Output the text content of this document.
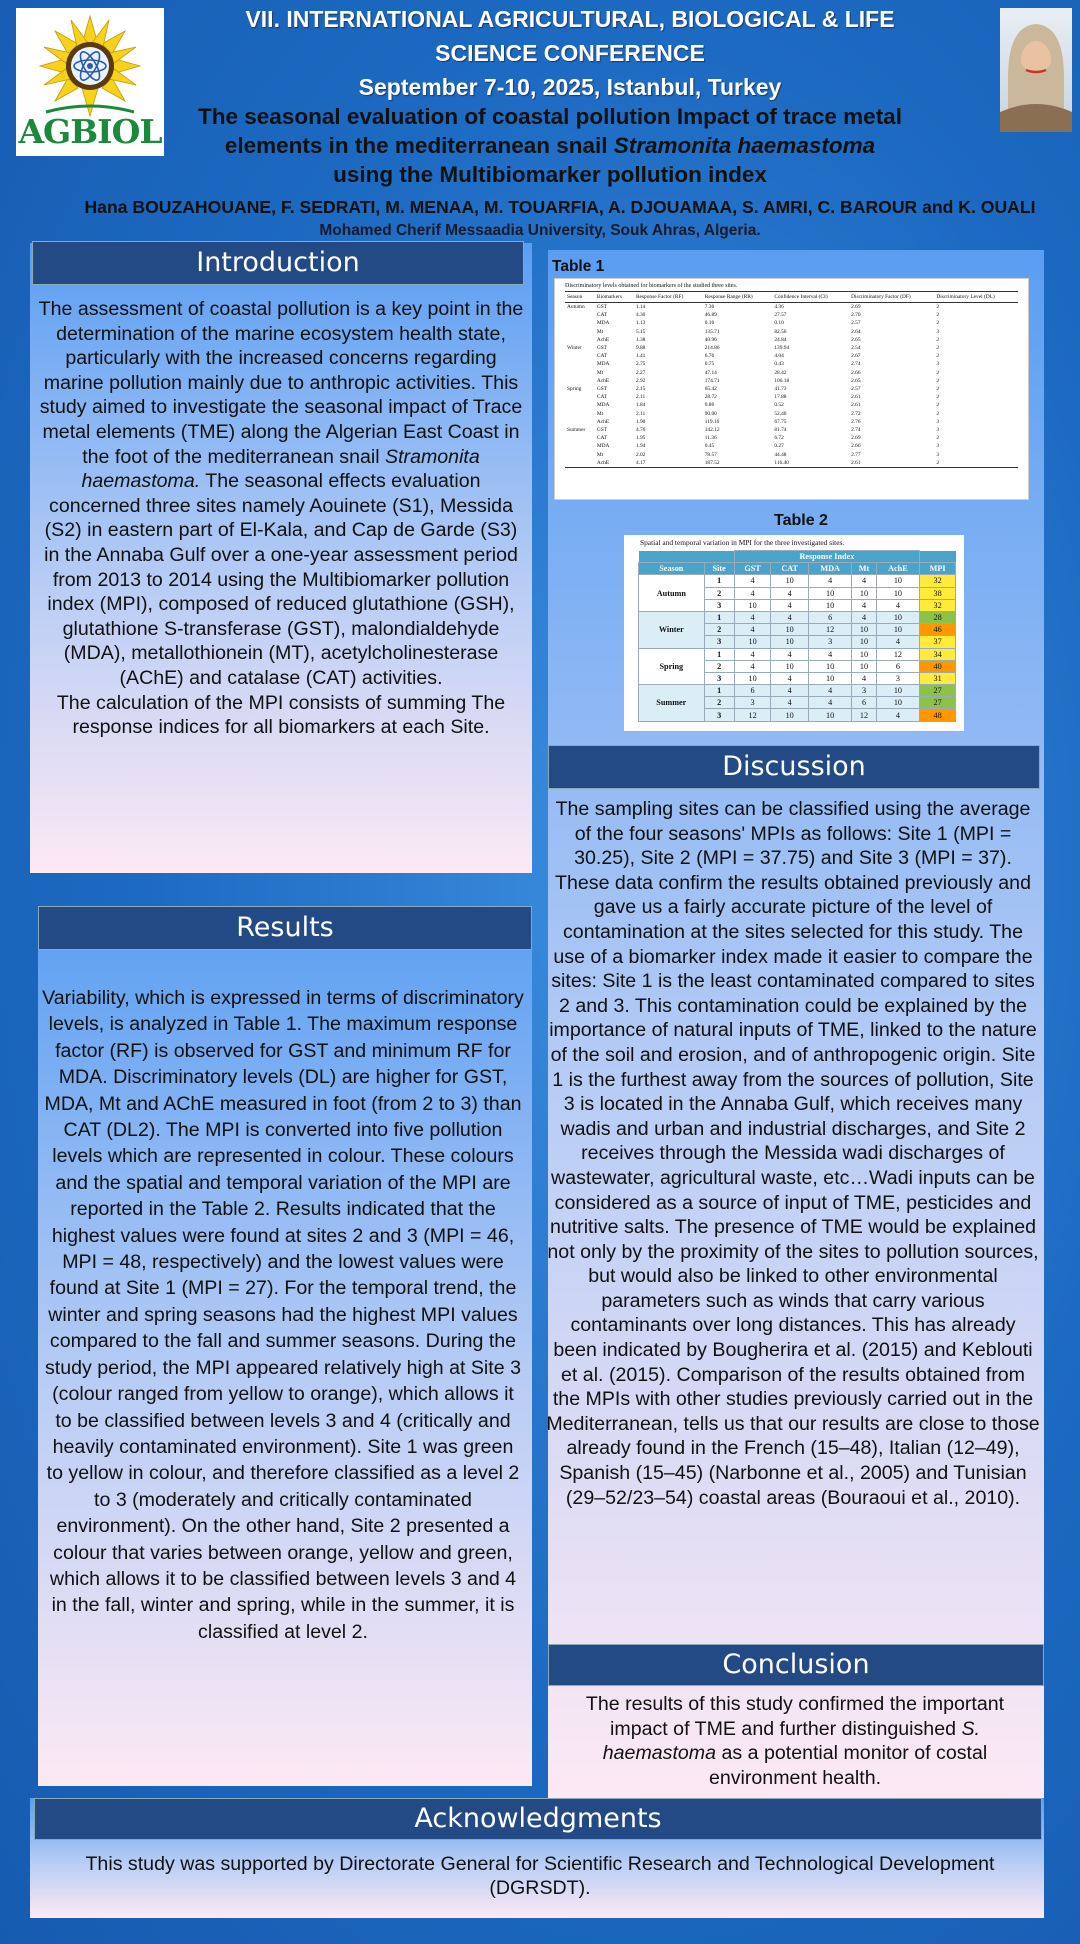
AGBIOL
VII. INTERNATIONAL AGRICULTURAL, BIOLOGICAL & LIFE
SCIENCE CONFERENCE
September 7-10, 2025, Istanbul, Turkey
The seasonal evaluation of coastal pollution Impact of trace metal
elements in the mediterranean snail Stramonita haemastoma
using the Multibiomarker pollution index
Hana BOUZAHOUANE, F. SEDRATI, M. MENAA, M. TOUARFIA, A. DJOUAMAA, S. AMRI, C. BAROUR and K. OUALI
Mohamed Cherif Messaadia University, Souk Ahras, Algeria.
Introduction
The assessment of coastal pollution is a key point in the determination of the marine ecosystem health state, particularly with the increased concerns regarding marine pollution mainly due to anthropic activities. This study aimed to investigate the seasonal impact of Trace metal elements (TME) along the Algerian East Coast in the foot of the mediterranean snail Stramonita haemastoma. The seasonal effects evaluation concerned three sites namely Aouinete (S1), Messida (S2) in eastern part of El-Kala, and Cap de Garde (S3) in the Annaba Gulf over a one-year assessment period from 2013 to 2014 using the Multibiomarker pollution index (MPI), composed of reduced glutathione (GSH), glutathione S-transferase (GST), malondialdehyde (MDA), metallothionein (MT), acetylcholinesterase (AChE) and catalase (CAT) activities.
The calculation of the MPI consists of summing The response indices for all biomarkers at each Site.
Results
Variability, which is expressed in terms of discriminatory levels, is analyzed in Table 1. The maximum response factor (RF) is observed for GST and minimum RF for MDA. Discriminatory levels (DL) are higher for GST, MDA, Mt and AChE measured in foot (from 2 to 3) than CAT (DL2). The MPI is converted into five pollution levels which are represented in colour. These colours and the spatial and temporal variation of the MPI are reported in the Table 2. Results indicated that the highest values were found at sites 2 and 3 (MPI = 46, MPI = 48, respectively) and the lowest values were found at Site 1 (MPI = 27). For the temporal trend, the winter and spring seasons had the highest MPI values compared to the fall and summer seasons. During the study period, the MPI appeared relatively high at Site 3 (colour ranged from yellow to orange), which allows it to be classified between levels 3 and 4 (critically and heavily contaminated environment). Site 1 was green to yellow in colour, and therefore classified as a level 2 to 3 (moderately and critically contaminated environment). On the other hand, Site 2 presented a colour that varies between orange, yellow and green, which allows it to be classified between levels 3 and 4 in the fall, winter and spring, while in the summer, it is classified at level 2.
Table 1
Discriminatory levels obtained for biomarkers of the studied three sites.
Season	Biomarkers	Response Factor (RF)	Response Range (RR)	Confidence Interval (CI)	Discriminatory Factor (DF)	Discriminatory Level (DL)
Autumn	GST	1.14	7.36	4.36	2.69	2
	CAT	4.30	46.89	27.57	2.70	2
	MDA	1.13	0.16	0.10	2.57	2
	Mt	5.15	135.71	82.56	2.64	3
	AchE	1.38	40.96	24.84	2.65	2
Winter	GST	9.88	214.86	139.94	2.54	2
	CAT	1.41	6.76	4.04	2.67	2
	MDA	2.75	0.75	0.43	2.74	3
	Mt	2.27	47.14	28.42	2.66	2
	AchE	2.92	174.71	106.18	2.65	2
Spring	GST	2.15	65.42	41.73	2.57	2
	CAT	2.11	28.72	17.88	2.61	2
	MDA	1.84	0.86	0.52	2.61	2
	Mt	2.11	90.00	52.46	2.72	2
	AchE	1.90	119.16	67.75	2.76	3
Summer	GST	4.76	142.12	81.74	2.74	3
	CAT	1.95	11.36	6.72	2.69	2
	MDA	1.94	0.45	0.27	2.66	3
	Mt	2.02	78.57	44.48	2.77	3
	AchE	4.17	187.52	116.40	2.61	2
Table 2
Spatial and temporal variation in MPI for the three investigated sites.
		Response Index					
Season	Site	GST	CAT	MDA	Mt	AchE	MPI
Autumn	1	4	10	4	4	10	32
	2	4	4	10	10	10	38
	3	10	4	10	4	4	32
Winter	1	4	4	6	4	10	28
	2	4	10	12	10	10	46
	3	10	10	3	10	4	37
Spring	1	4	4	4	10	12	34
	2	4	10	10	10	6	40
	3	10	4	10	4	3	31
Summer	1	6	4	4	3	10	27
	2	3	4	4	6	10	27
	3	12	10	10	12	4	48
Discussion
The sampling sites can be classified using the average of the four seasons' MPIs as follows: Site 1 (MPI = 30.25), Site 2 (MPI = 37.75) and Site 3 (MPI = 37). These data confirm the results obtained previously and gave us a fairly accurate picture of the level of contamination at the sites selected for this study. The use of a biomarker index made it easier to compare the sites: Site 1 is the least contaminated compared to sites 2 and 3. This contamination could be explained by the importance of natural inputs of TME, linked to the nature of the soil and erosion, and of anthropogenic origin. Site 1 is the furthest away from the sources of pollution, Site 3 is located in the Annaba Gulf, which receives many wadis and urban and industrial discharges, and Site 2 receives through the Messida wadi discharges of wastewater, agricultural waste, etc…Wadi inputs can be considered as a source of input of TME, pesticides and nutritive salts. The presence of TME would be explained not only by the proximity of the sites to pollution sources, but would also be linked to other environmental parameters such as winds that carry various contaminants over long distances. This has already been indicated by Bougherira et al. (2015) and Keblouti et al. (2015). Comparison of the results obtained from the MPIs with other studies previously carried out in the Mediterranean, tells us that our results are close to those already found in the French (15–48), Italian (12–49), Spanish (15–45) (Narbonne et al., 2005) and Tunisian (29–52/23–54) coastal areas (Bouraoui et al., 2010).
Conclusion
The results of this study confirmed the important impact of TME and further distinguished S. haemastoma as a potential monitor of costal environment health.
Acknowledgments
This study was supported by Directorate General for Scientific Research and Technological Development (DGRSDT).
